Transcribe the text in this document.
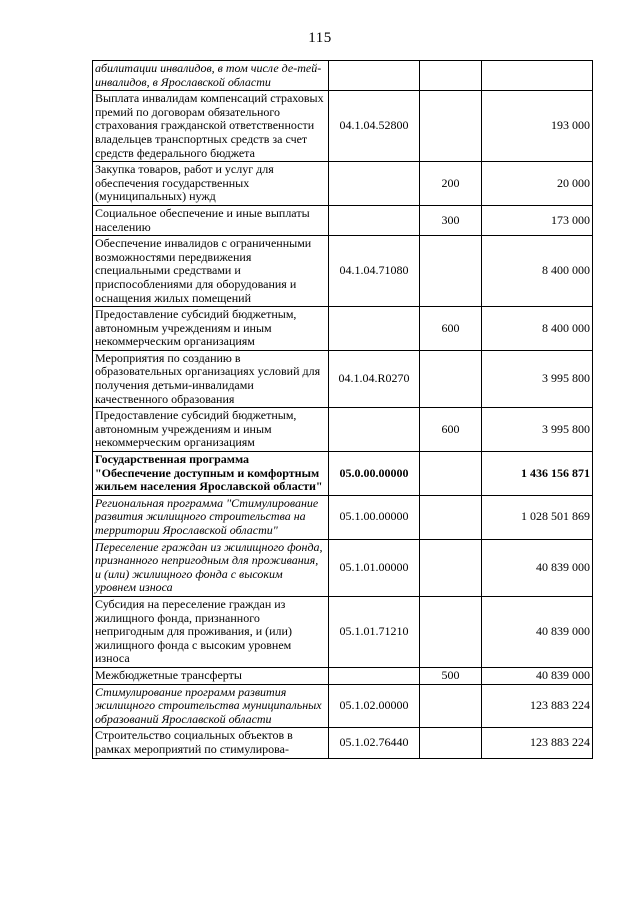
115
абилитации инвалидов, в том числе де-тей-инвалидов, в Ярославской области			
Выплата инвалидам компенсаций страховых премий по договорам обязательного страхования гражданской ответственности владельцев транспортных средств за счет средств федерального бюджета	04.1.04.52800		193 000
Закупка товаров, работ и услуг для обеспечения государственных (муниципальных) нужд		200	20 000
Социальное обеспечение и иные выплаты населению		300	173 000
Обеспечение инвалидов с ограниченными возможностями передвижения специальными средствами и приспособлениями для оборудования и оснащения жилых помещений	04.1.04.71080		8 400 000
Предоставление субсидий бюджетным, автономным учреждениям и иным некоммерческим организациям		600	8 400 000
Мероприятия по созданию в образовательных организациях условий для получения детьми-инвалидами качественного образования	04.1.04.R0270		3 995 800
Предоставление субсидий бюджетным, автономным учреждениям и иным некоммерческим организациям		600	3 995 800
Государственная программа "Обеспечение доступным и комфортным жильем населения Ярославской области"	05.0.00.00000		1 436 156 871
Региональная программа "Стимулирование развития жилищного строительства на территории Ярославской области"	05.1.00.00000		1 028 501 869
Переселение граждан из жилищного фонда, признанного непригодным для проживания, и (или) жилищного фонда с высоким уровнем износа	05.1.01.00000		40 839 000
Субсидия на переселение граждан из жилищного фонда, признанного непригодным для проживания, и (или) жилищного фонда с высоким уровнем износа	05.1.01.71210		40 839 000
Межбюджетные трансферты		500	40 839 000
Стимулирование программ развития жилищного строительства муниципальных образований Ярославской области	05.1.02.00000		123 883 224
Строительство социальных объектов в рамках мероприятий по стимулирова-	05.1.02.76440		123 883 224
